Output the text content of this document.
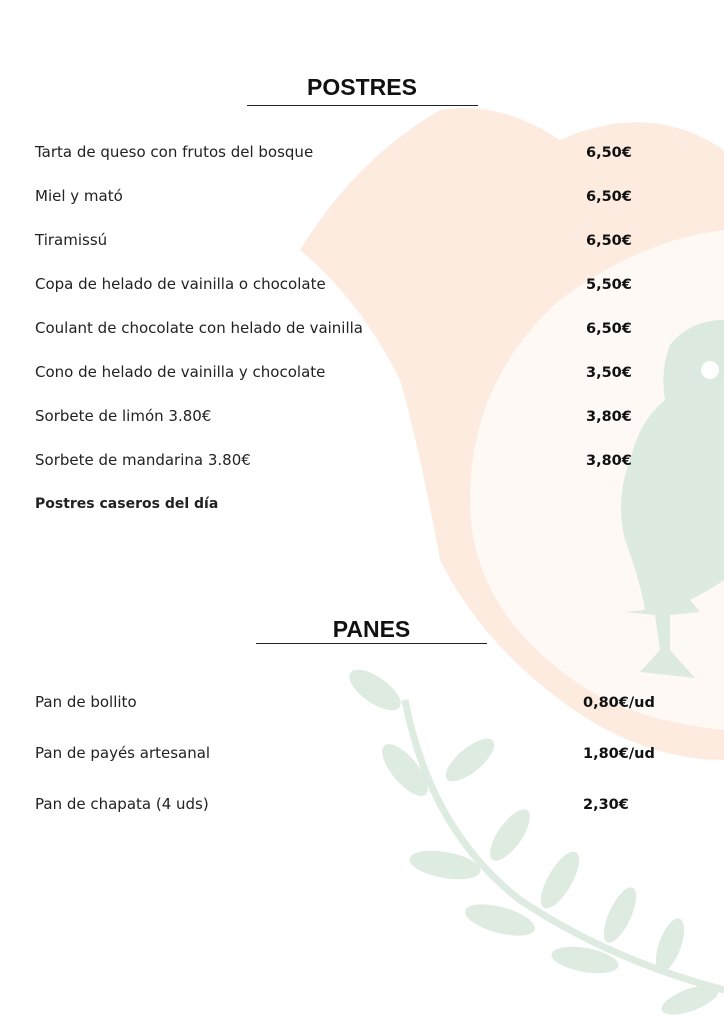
POSTRES
Tarta de queso con frutos del bosque	6,50€
Miel y mató	6,50€
Tiramissú	6,50€
Copa de helado de vainilla o chocolate	5,50€
Coulant de chocolate con helado de vainilla	6,50€
Cono de helado de vainilla y chocolate	3,50€
Sorbete de limón 3.80€	3,80€
Sorbete de mandarina 3.80€	3,80€
Postres caseros del día
PANES
Pan de bollito	0,80€/ud
Pan de payés artesanal	1,80€/ud
Pan de chapata (4 uds)	2,30€
